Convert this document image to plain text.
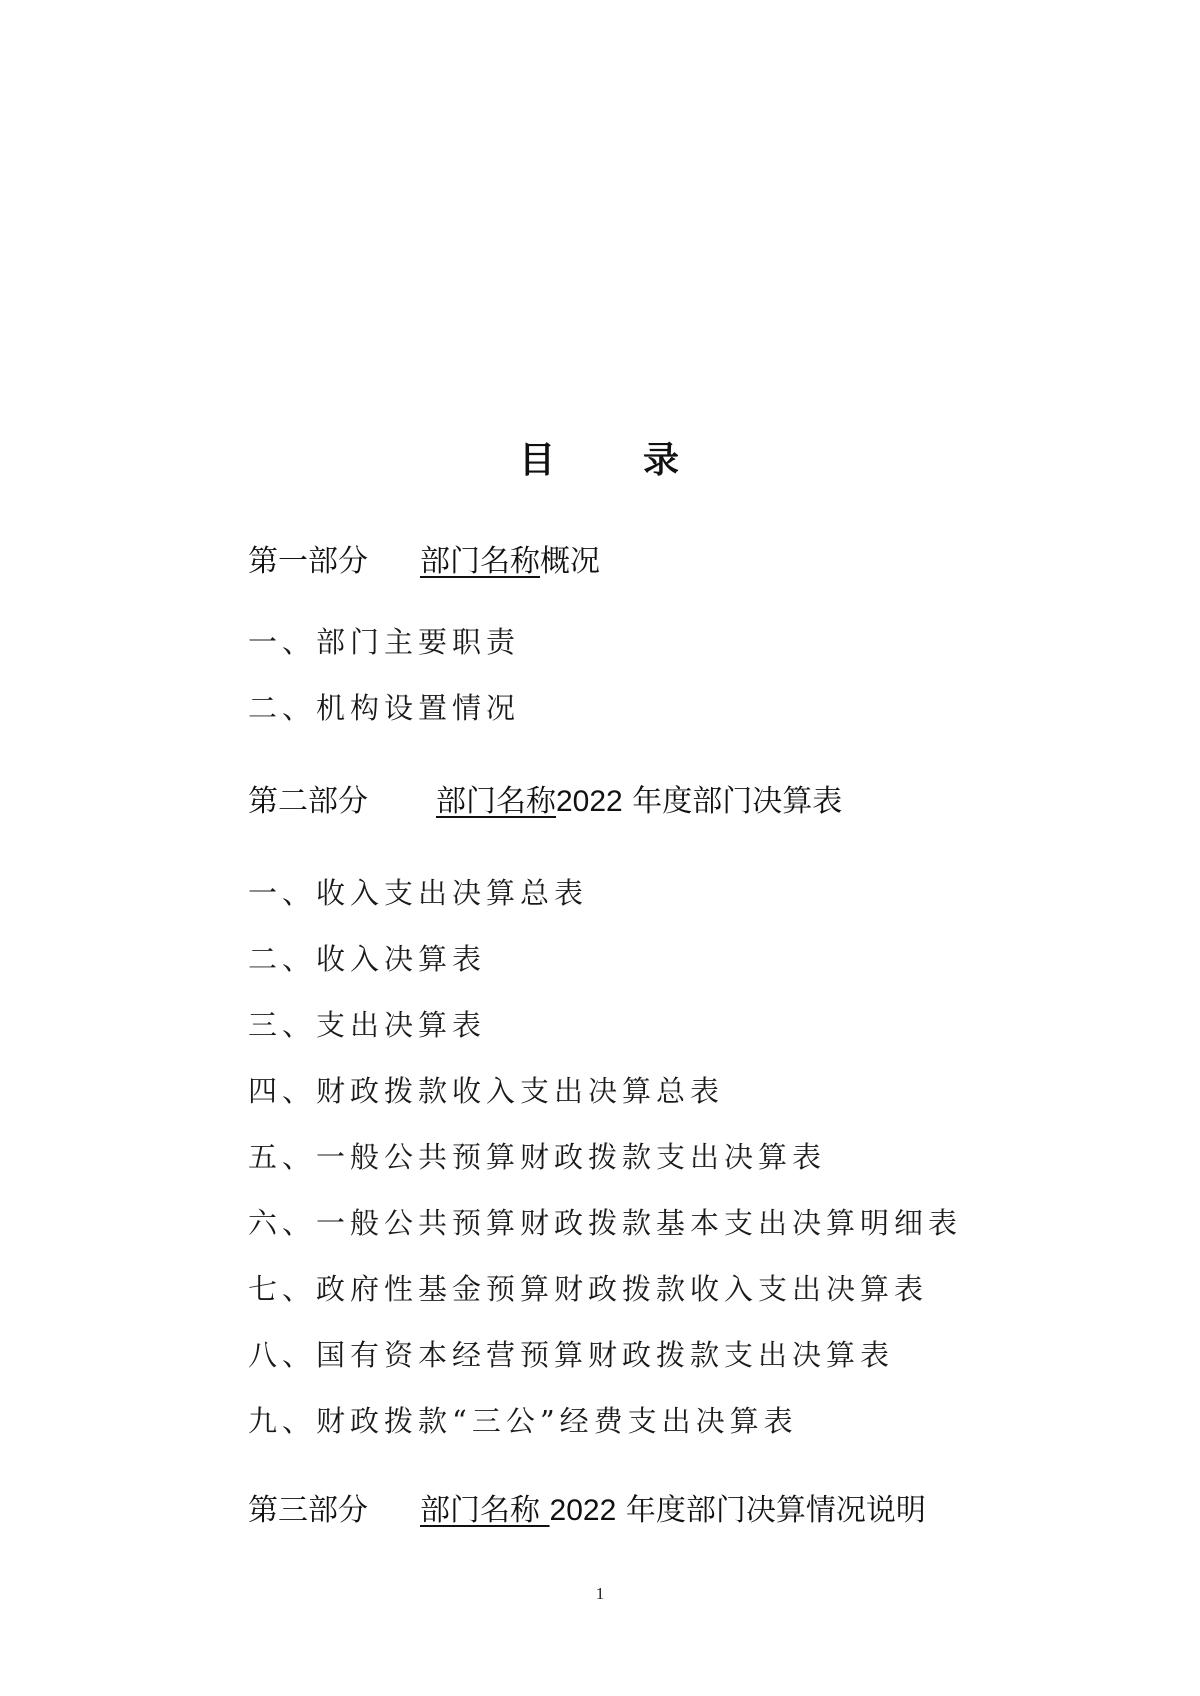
目 录
第一部分 部门名称概况
一、部门主要职责
二、机构设置情况
第二部分 部门名称2022 年度部门决算表
一、收入支出决算总表
二、收入决算表
三、支出决算表
四、财政拨款收入支出决算总表
五、一般公共预算财政拨款支出决算表
六、一般公共预算财政拨款基本支出决算明细表
七、政府性基金预算财政拨款收入支出决算表
八、国有资本经营预算财政拨款支出决算表
九、财政拨款“三公”经费支出决算表
第三部分 部门名称 2022 年度部门决算情况说明
1
